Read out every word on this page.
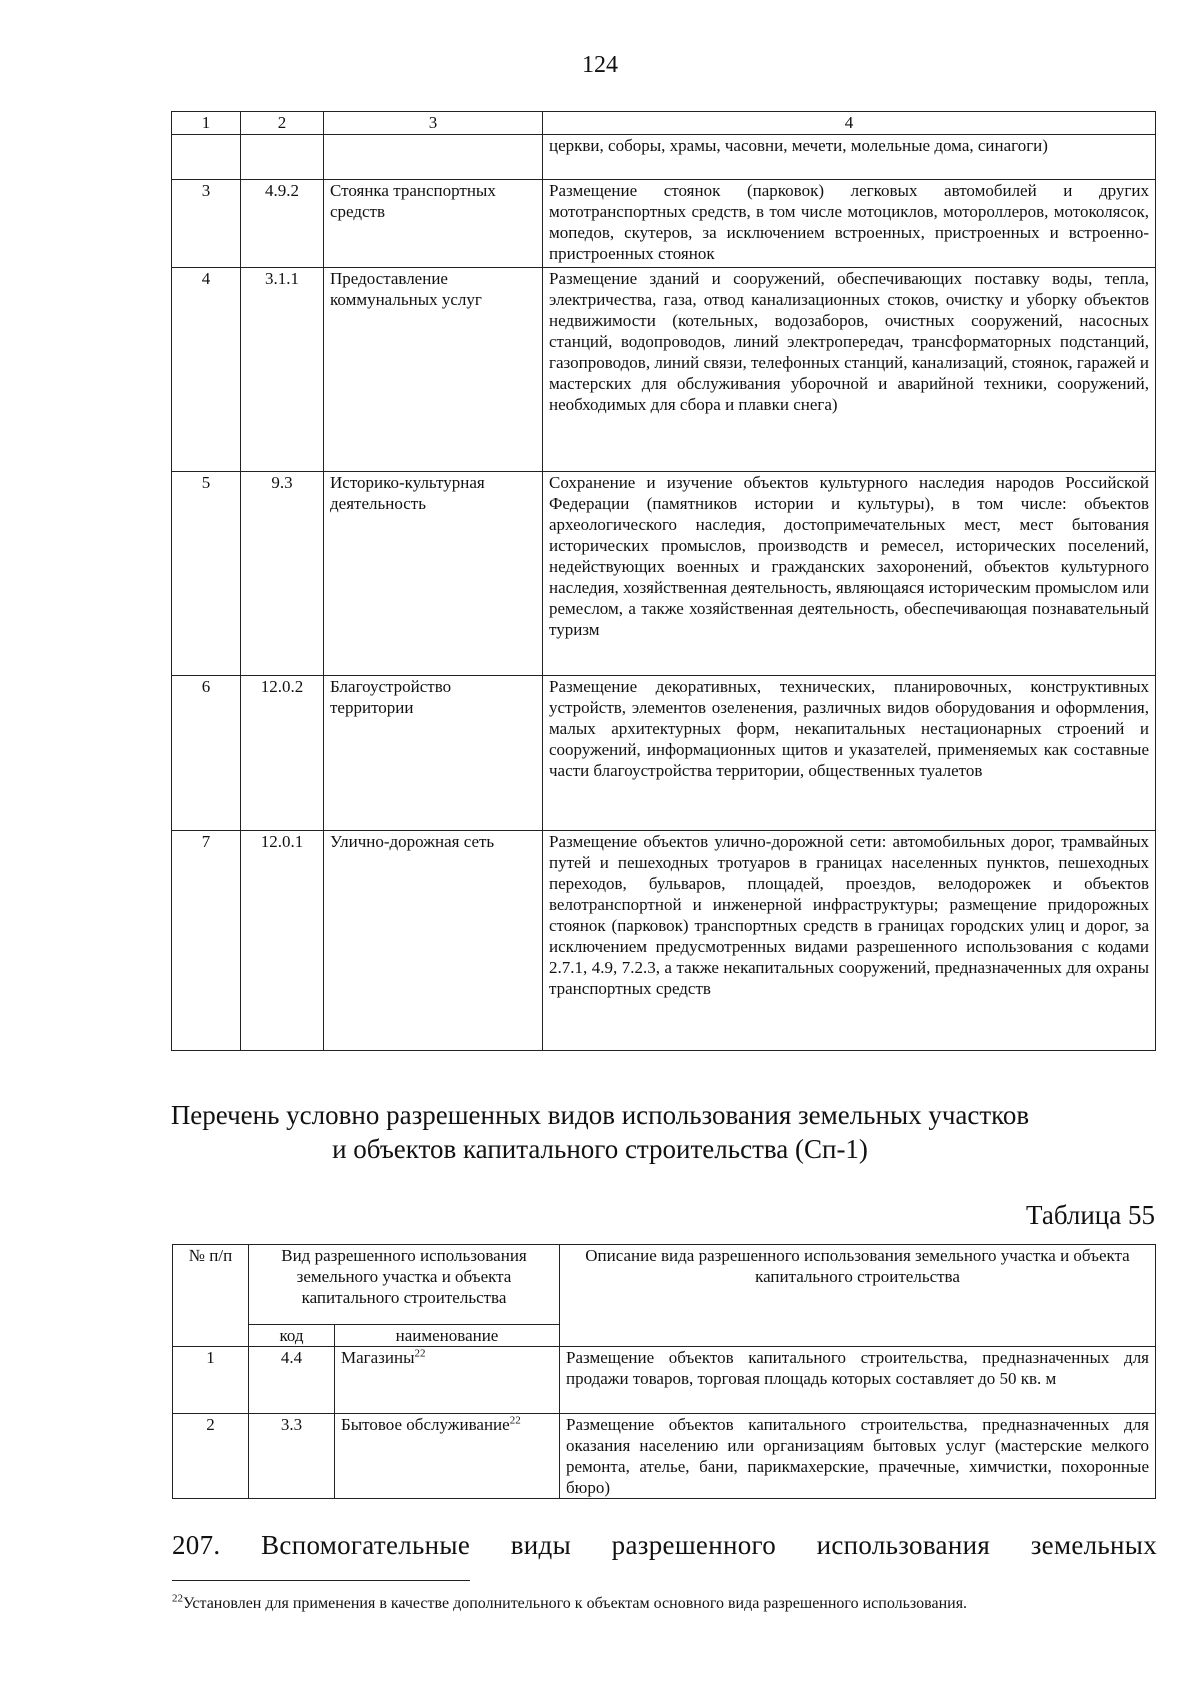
124
1	2	3	4
			церкви, соборы, храмы, часовни, мечети, молельные дома, синагоги)
3	4.9.2	Стоянка транспортных средств	Размещение стоянок (парковок) легковых автомобилей и других мототранспортных средств, в том числе мотоциклов, мотороллеров, мотоколясок, мопедов, скутеров, за исключением встроенных, пристроенных и встроенно-пристроенных стоянок
4	3.1.1	Предоставление коммунальных услуг	Размещение зданий и сооружений, обеспечивающих поставку воды, тепла, электричества, газа, отвод канализационных стоков, очистку и уборку объектов недвижимости (котельных, водозаборов, очистных сооружений, насосных станций, водопроводов, линий электропередач, трансформаторных подстанций, газопроводов, линий связи, телефонных станций, канализаций, стоянок, гаражей и мастерских для обслуживания уборочной и аварийной техники, сооружений, необходимых для сбора и плавки снега)
5	9.3	Историко-культурная деятельность	Сохранение и изучение объектов культурного наследия народов Российской Федерации (памятников истории и культуры), в том числе: объектов археологического наследия, достопримечательных мест, мест бытования исторических промыслов, производств и ремесел, исторических поселений, недействующих военных и гражданских захоронений, объектов культурного наследия, хозяйственная деятельность, являющаяся историческим промыслом или ремеслом, а также хозяйственная деятельность, обеспечивающая познавательный туризм
6	12.0.2	Благоустройство территории	Размещение декоративных, технических, планировочных, конструктивных устройств, элементов озеленения, различных видов оборудования и оформления, малых архитектурных форм, некапитальных нестационарных строений и сооружений, информационных щитов и указателей, применяемых как составные части благоустройства территории, общественных туалетов
7	12.0.1	Улично-дорожная сеть	Размещение объектов улично-дорожной сети: автомобильных дорог, трамвайных путей и пешеходных тротуаров в границах населенных пунктов, пешеходных переходов, бульваров, площадей, проездов, велодорожек и объектов велотранспортной и инженерной инфраструктуры; размещение придорожных стоянок (парковок) транспортных средств в границах городских улиц и дорог, за исключением предусмотренных видами разрешенного использования с кодами 2.7.1, 4.9, 7.2.3, а также некапитальных сооружений, предназначенных для охраны транспортных средств
Перечень условно разрешенных видов использования земельных участков
и объектов капитального строительства (Сп-1)
Таблица 55
№ п/п	Вид разрешенного использования земельного участка и объекта капитального строительства		Описание вида разрешенного использования земельного участка и объекта капитального строительства
	код	наименование	
1	4.4	Магазины$^{22}$	Размещение объектов капитального строительства, предназначенных для продажи товаров, торговая площадь которых составляет до 50 кв. м
2	3.3	Бытовое обслуживание$^{22}$	Размещение объектов капитального строительства, предназначенных для оказания населению или организациям бытовых услуг (мастерские мелкого ремонта, ателье, бани, парикмахерские, прачечные, химчистки, похоронные бюро)
207. Вспомогательные виды разрешенного использования земельных
$^{22}$Установлен для применения в качестве дополнительного к объектам основного вида разрешенного использования.
